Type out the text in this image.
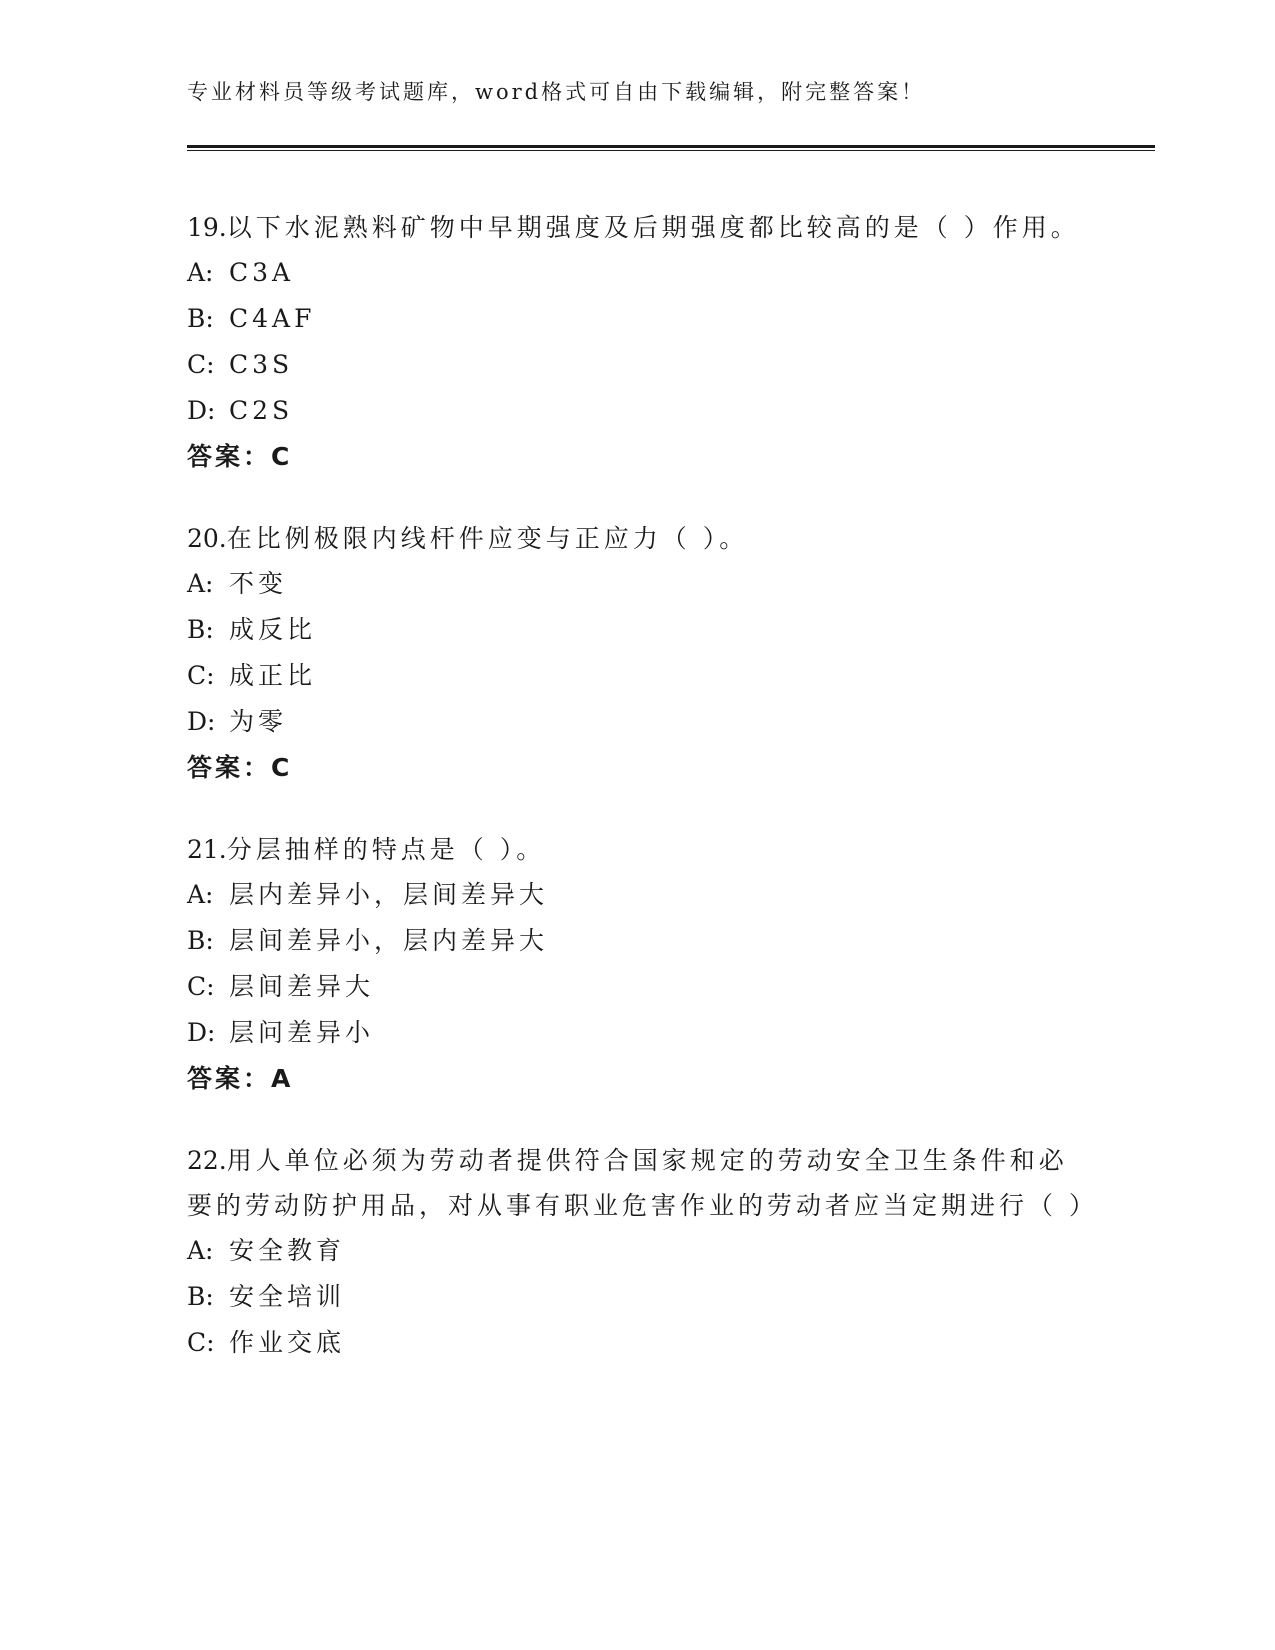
专业材料员等级考试题库，word格式可自由下载编辑，附完整答案！

19.以下水泥熟料矿物中早期强度及后期强度都比较高的是（ ）作用。

A: C3A
B: C4AF
C: C3S
D: C2S
答案：C

20.在比例极限内线杆件应变与正应力（ ）。

A: 不变
B: 成反比
C: 成正比
D: 为零
答案：C

21.分层抽样的特点是（ ）。

A: 层内差异小，层间差异大
B: 层间差异小，层内差异大
C: 层间差异大
D: 层问差异小
答案：A

22.用人单位必须为劳动者提供符合国家规定的劳动安全卫生条件和必要的劳动防护用品，对从事有职业危害作业的劳动者应当定期进行（ ）

A: 安全教育
B: 安全培训
C: 作业交底
